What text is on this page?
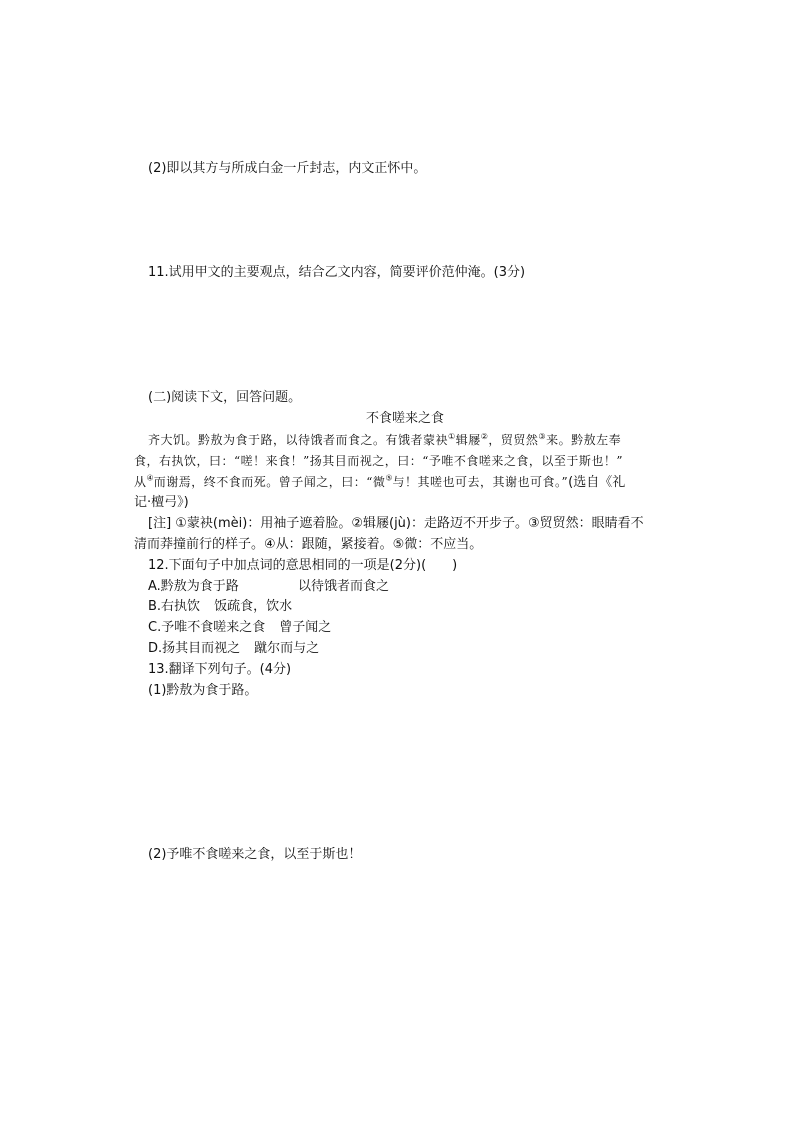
(2)即以其方与所成白金一斤封志，内文正怀中。
11.试用甲文的主要观点，结合乙文内容，简要评价范仲淹。(3分)
(二)阅读下文，回答问题。
不食嗟来之食
齐大饥。黔敖为食于路，以待饿者而食之。有饿者蒙袂①辑屦②，贸贸然③来。黔敖左奉
食，右执饮，曰：“嗟！来食！”扬其目而视之，曰：“予唯不食嗟来之食，以至于斯也！”
从④而谢焉，终不食而死。曾子闻之，曰：“微⑤与！其嗟也可去，其谢也可食。”(选自《礼
记·檀弓》)
[注] ①蒙袂(mèi)：用袖子遮着脸。②辑屦(jù)：走路迈不开步子。③贸贸然：眼睛看不
清而莽撞前行的样子。④从：跟随，紧接着。⑤微：不应当。
12.下面句子中加点词的意思相同的一项是(2分)(　　)
A.黔敖为食于路	以待饿者而食之
B.右执饮 饭疏食，饮水
C.予唯不食嗟来之食 曾子闻之
D.扬其目而视之 蹴尔而与之
13.翻译下列句子。(4分)
(1)黔敖为食于路。
(2)予唯不食嗟来之食，以至于斯也！
